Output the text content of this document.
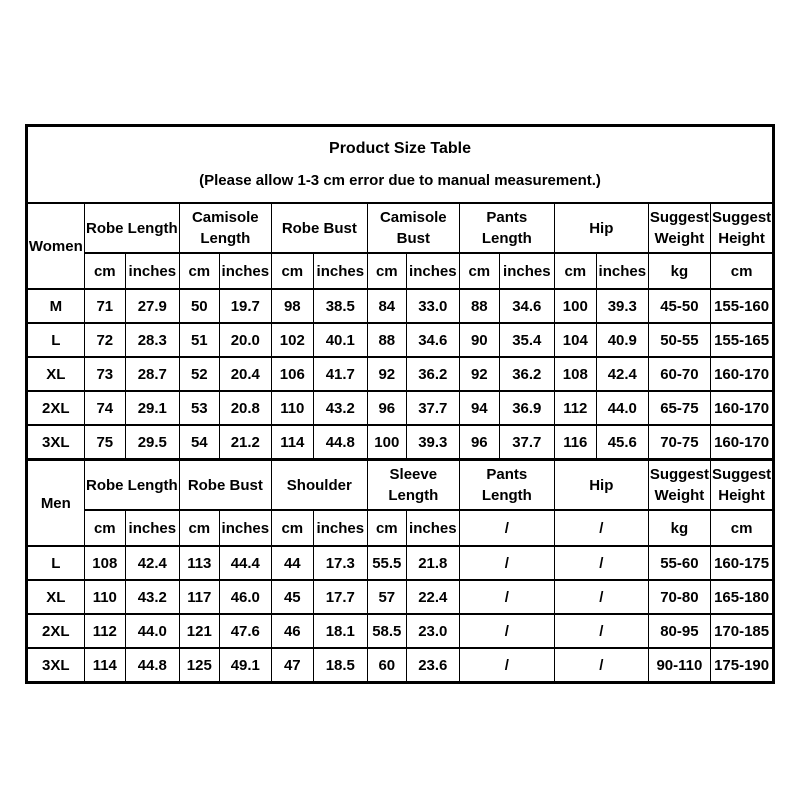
Product Size Table
(Please allow 1-3 cm error due to manual measurement.)														

Women	Robe Length		Camisole Length		Robe Bust		Camisole Bust		Pants Length		Hip		Suggest Weight	Suggest Height
	cm	inches	cm	inches	cm	inches	cm	inches	cm	inches	cm	inches	kg	cm
M	71	27.9	50	19.7	98	38.5	84	33.0	88	34.6	100	39.3	45-50	155-160
L	72	28.3	51	20.0	102	40.1	88	34.6	90	35.4	104	40.9	50-55	155-165
XL	73	28.7	52	20.4	106	41.7	92	36.2	92	36.2	108	42.4	60-70	160-170
2XL	74	29.1	53	20.8	110	43.2	96	37.7	94	36.9	112	44.0	65-75	160-170
3XL	75	29.5	54	21.2	114	44.8	100	39.3	96	37.7	116	45.6	70-75	160-170
Men	Robe Length		Robe Bust		Shoulder		Sleeve Length		Pants Length		Hip		Suggest Weight	Suggest Height
	cm	inches	cm	inches	cm	inches	cm	inches	/		/		kg	cm
L	108	42.4	113	44.4	44	17.3	55.5	21.8	/		/		55-60	160-175
XL	110	43.2	117	46.0	45	17.7	57	22.4	/		/		70-80	165-180
2XL	112	44.0	121	47.6	46	18.1	58.5	23.0	/		/		80-95	170-185
3XL	114	44.8	125	49.1	47	18.5	60	23.6	/		/		90-110	175-190
